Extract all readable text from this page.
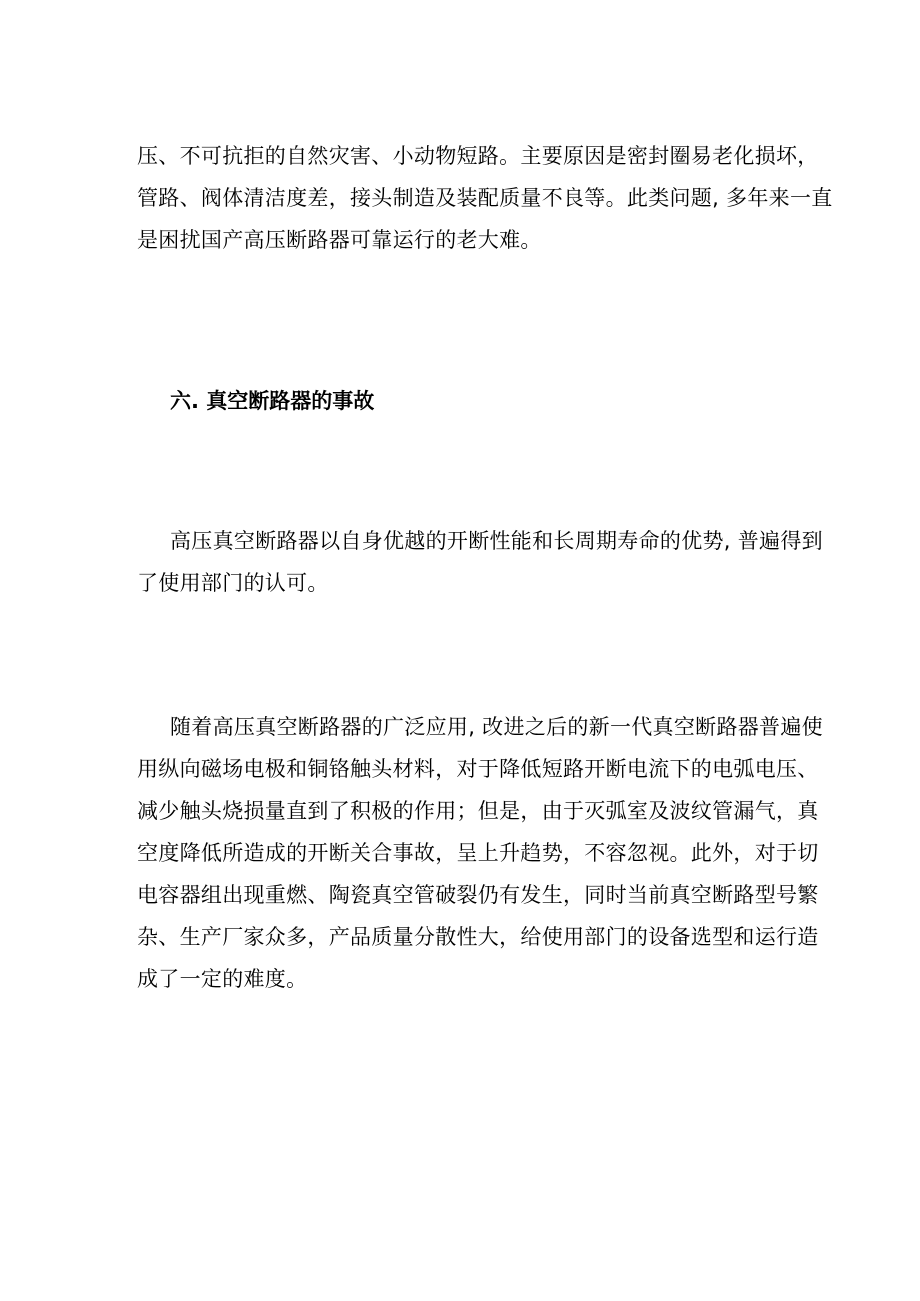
压、不可抗拒的自然灾害、小动物短路。主要原因是密封圈易老化损坏，
管路、阀体清洁度差，接头制造及装配质量不良等。此类问题, 多年来一直
是困扰国产高压断路器可靠运行的老大难。
六. 真空断路器的事故
高压真空断路器以自身优越的开断性能和长周期寿命的优势, 普遍得到
了使用部门的认可。
随着高压真空断路器的广泛应用, 改进之后的新一代真空断路器普遍使
用纵向磁场电极和铜铬触头材料，对于降低短路开断电流下的电弧电压、
减少触头烧损量直到了积极的作用；但是，由于灭弧室及波纹管漏气，真
空度降低所造成的开断关合事故，呈上升趋势，不容忽视。此外，对于切
电容器组出现重燃、陶瓷真空管破裂仍有发生，同时当前真空断路型号繁
杂、生产厂家众多，产品质量分散性大，给使用部门的设备选型和运行造
成了一定的难度。
